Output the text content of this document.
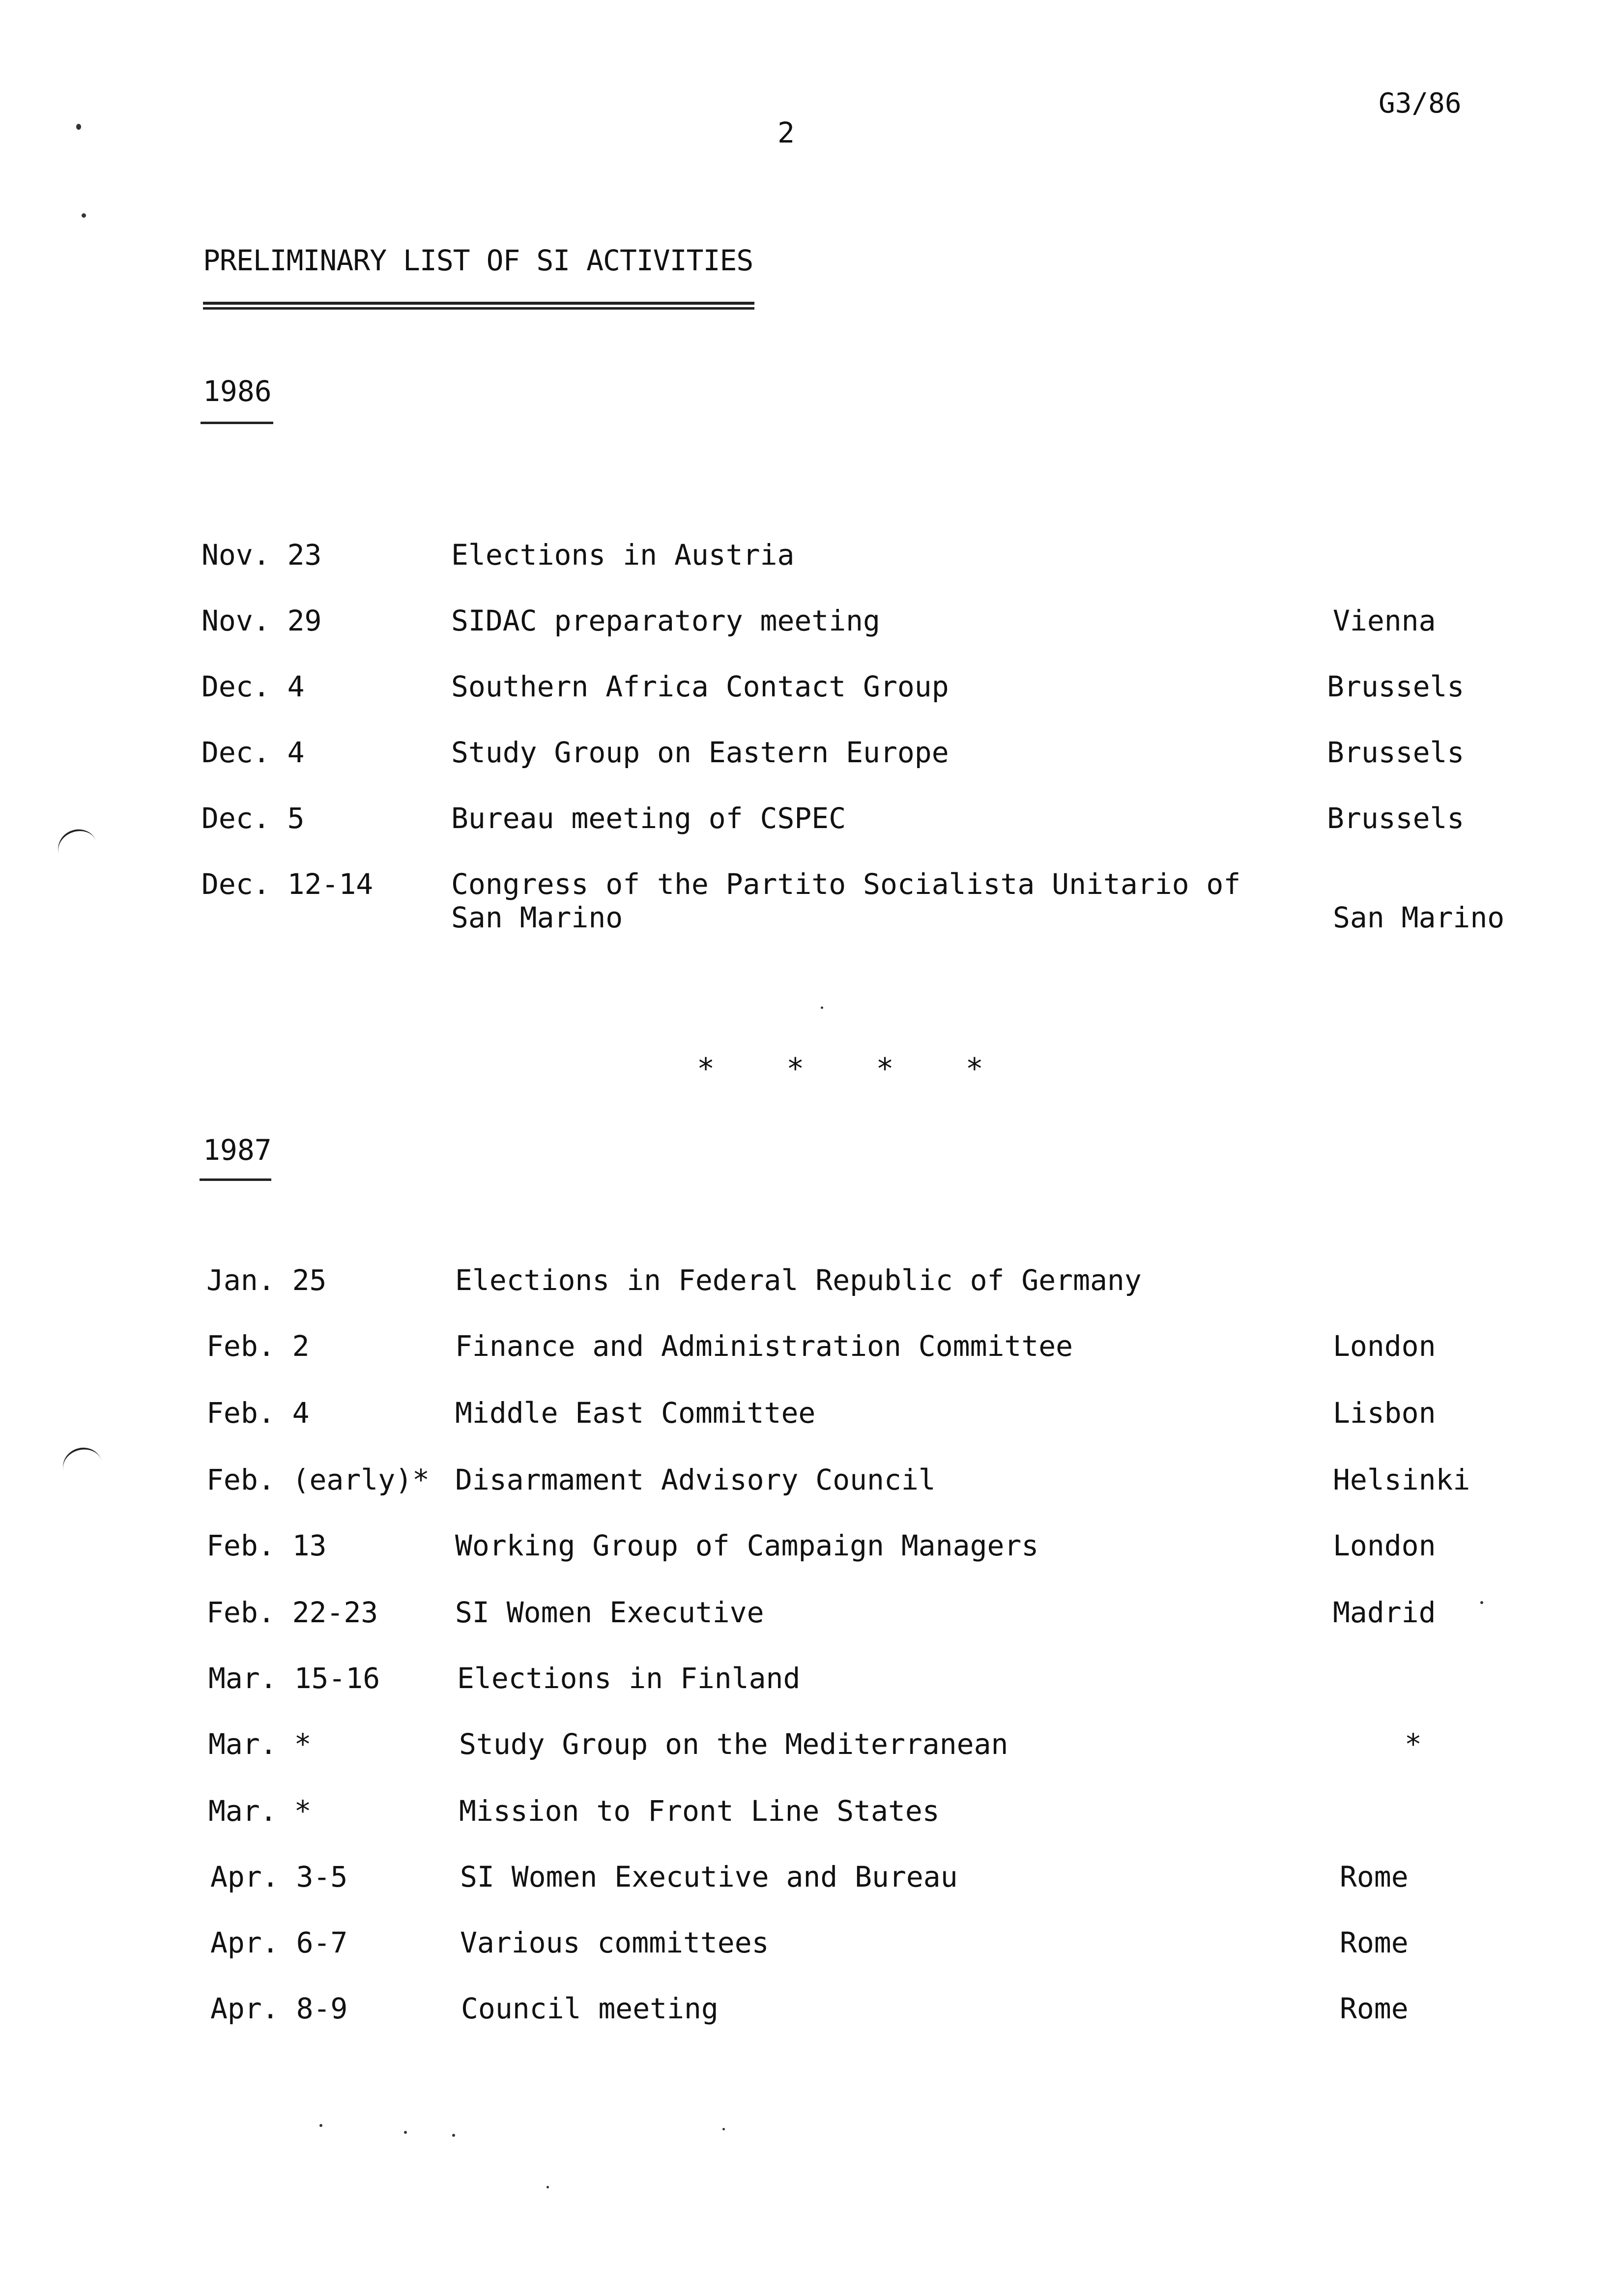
G3/86
2
PRELIMINARY LIST OF SI ACTIVITIES
1986
Nov. 23	Elections in Austria
Nov. 29	SIDAC preparatory meeting	Vienna
Dec. 4	Southern Africa Contact Group	Brussels
Dec. 4	Study Group on Eastern Europe	Brussels
Dec. 5	Bureau meeting of CSPEC	Brussels
Dec. 12-14	Congress of the Partito Socialista Unitario of
San Marino	San Marino
* * * *
1987
Jan. 25	Elections in Federal Republic of Germany
Feb. 2	Finance and Administration Committee	London
Feb. 4	Middle East Committee	Lisbon
Feb. (early)* Disarmament Advisory Council	Helsinki
Feb. 13	Working Group of Campaign Managers	London
Feb. 22-23	SI Women Executive	Madrid
Mar. 15-16	Elections in Finland
Mar. *	Study Group on the Mediterranean	*
Mar. *	Mission to Front Line States
Apr. 3-5	SI Women Executive and Bureau	Rome
Apr. 6-7	Various committees	Rome
Apr. 8-9	Council meeting	Rome
